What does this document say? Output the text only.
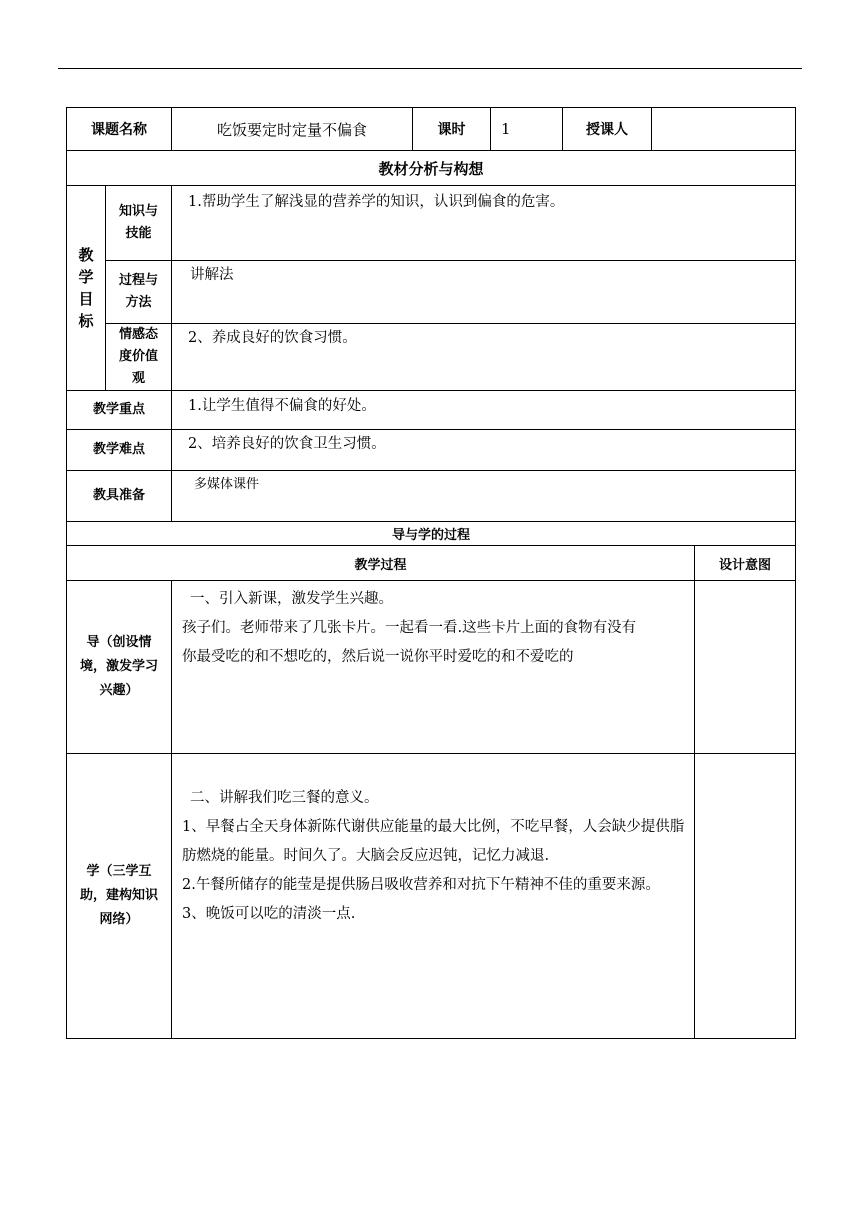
课题名称		吃饭要定时定量不偏食	课时	1	授课人		
教材分析与构想							

教学目标	知识与技能	1.帮助学生了解浅显的营养学的知识，认识到偏食的危害。					

	过程与方法	讲解法					

	情感态度价值观	2、养成良好的饮食习惯。					
教学重点		1.让学生值得不偏食的好处。					
教学难点		2、培养良好的饮食卫生习惯。					
教具准备		多媒体课件					
导与学的过程							
教学过程							设计意图

导（创设情境，激发学习兴趣）		一、引入新课，激发学生兴趣。

孩子们。老师带来了几张卡片。一起看一看.这些卡片上面的食物有没有

你最受吃的和不想吃的，然后说一说你平时爱吃的和不爱吃的					

学（三学互助，建构知识网络）		二、讲解我们吃三餐的意义。

1、早餐占全天身体新陈代谢供应能量的最大比例，不吃早餐，人会缺少提供脂肪燃烧的能量。时间久了。大脑会反应迟钝，记忆力减退.

2.午餐所储存的能莹是提供肠吕吸收营养和对抗下午精神不佳的重要来源。

3、晚饭可以吃的清淡一点.					
